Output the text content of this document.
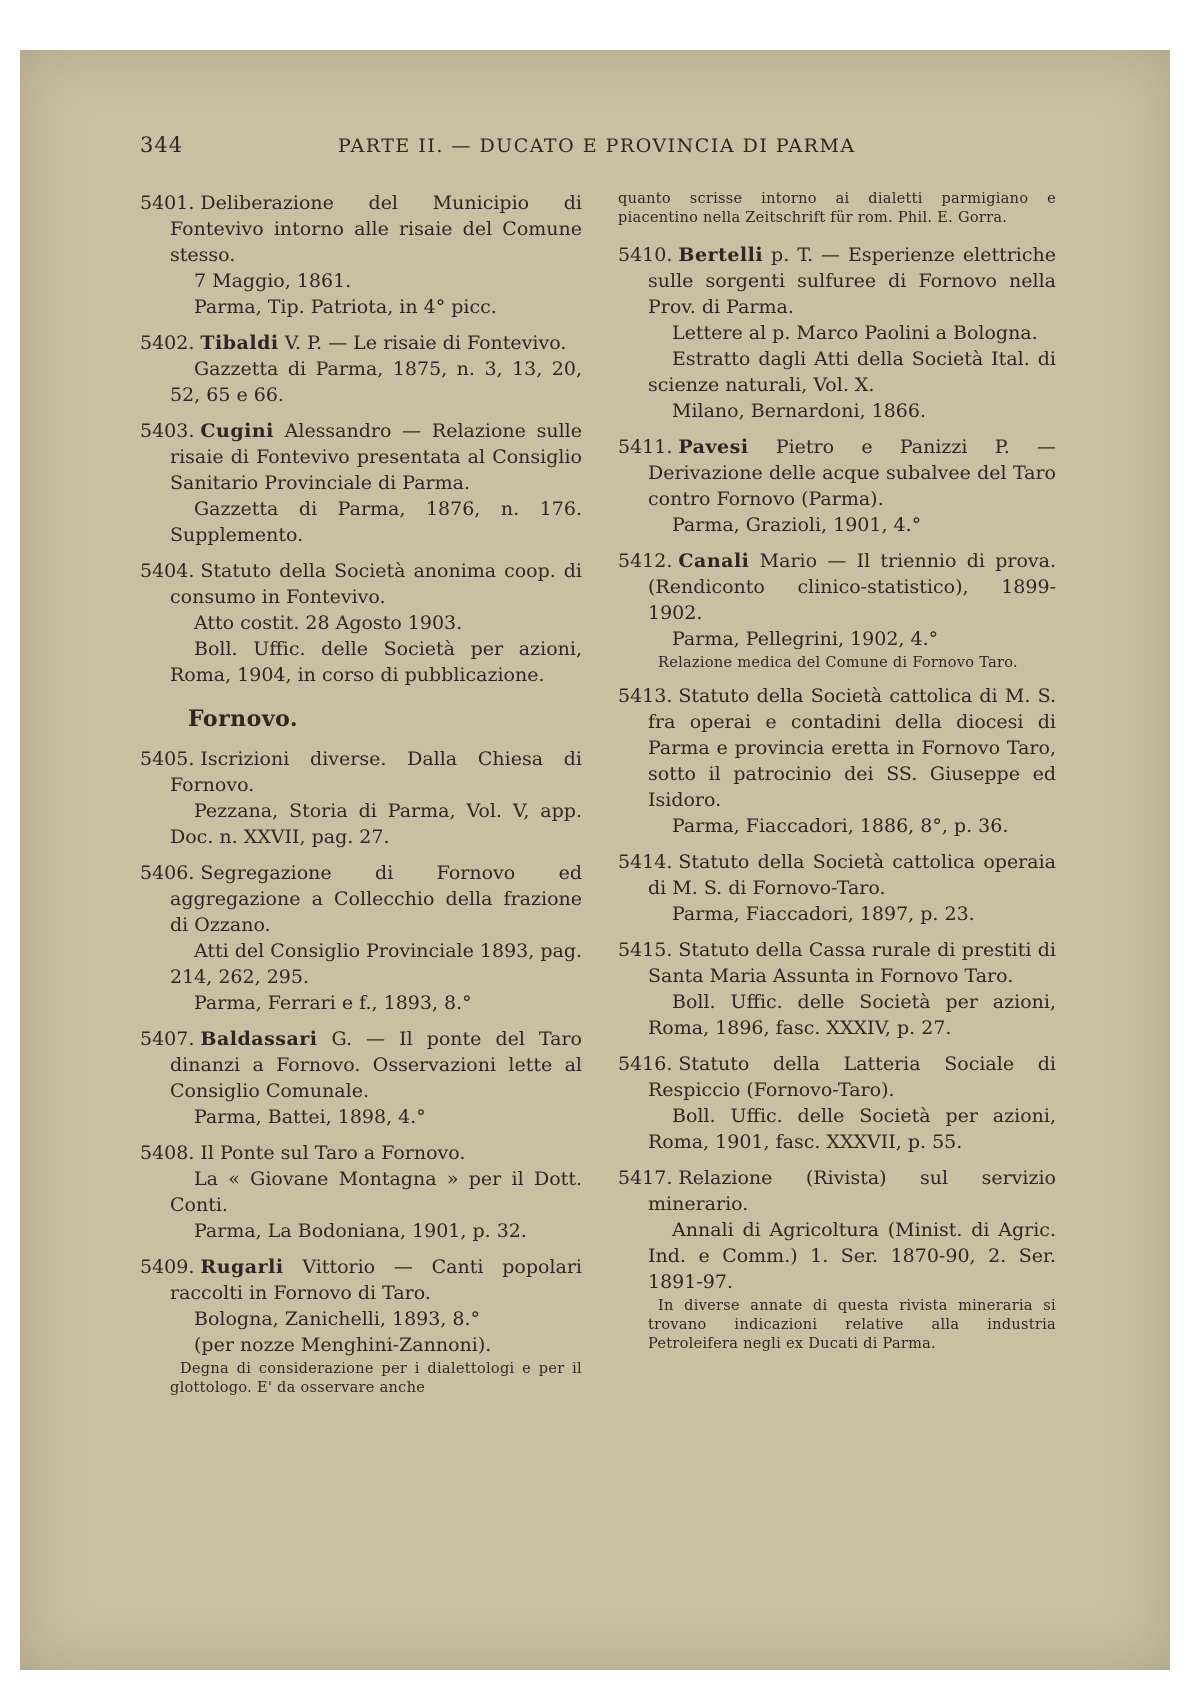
344	PARTE II. — DUCATO E PROVINCIA DI PARMA
5401. Deliberazione del Municipio di Fontevivo intorno alle risaie del Comune stesso.

7 Maggio, 1861.

Parma, Tip. Patriota, in 4° picc.

5402. Tibaldi V. P. — Le risaie di Fontevivo.

Gazzetta di Parma, 1875, n. 3, 13, 20, 52, 65 e 66.

5403. Cugini Alessandro — Relazione sulle risaie di Fontevivo presentata al Consiglio Sanitario Provinciale di Parma.

Gazzetta di Parma, 1876, n. 176. Supplemento.

5404. Statuto della Società anonima coop. di consumo in Fontevivo.

Atto costit. 28 Agosto 1903.

Boll. Uffic. delle Società per azioni, Roma, 1904, in corso di pubblicazione.

Fornovo.
5405. Iscrizioni diverse. Dalla Chiesa di Fornovo.

Pezzana, Storia di Parma, Vol. V, app. Doc. n. XXVII, pag. 27.

5406. Segregazione di Fornovo ed aggregazione a Collecchio della frazione di Ozzano.

Atti del Consiglio Provinciale 1893, pag. 214, 262, 295.

Parma, Ferrari e f., 1893, 8.°

5407. Baldassari G. — Il ponte del Taro dinanzi a Fornovo. Osservazioni lette al Consiglio Comunale.

Parma, Battei, 1898, 4.°

5408. Il Ponte sul Taro a Fornovo.

La « Giovane Montagna » per il Dott. Conti.

Parma, La Bodoniana, 1901, p. 32.

5409. Rugarli Vittorio — Canti popolari raccolti in Fornovo di Taro.

Bologna, Zanichelli, 1893, 8.°

(per nozze Menghini-Zannoni).

Degna di considerazione per i dialettologi e per il glottologo. E' da osservare anche
quanto scrisse intorno ai dialetti parmigiano e piacentino nella Zeitschrift für rom. Phil. E. Gorra.
5410. Bertelli p. T. — Esperienze elettriche sulle sorgenti sulfuree di Fornovo nella Prov. di Parma.

Lettere al p. Marco Paolini a Bologna.

Estratto dagli Atti della Società Ital. di scienze naturali, Vol. X.

Milano, Bernardoni, 1866.

5411. Pavesi Pietro e Panizzi P. — Derivazione delle acque subalvee del Taro contro Fornovo (Parma).

Parma, Grazioli, 1901, 4.°

5412. Canali Mario — Il triennio di prova. (Rendiconto clinico-statistico), 1899-1902.

Parma, Pellegrini, 1902, 4.°

Relazione medica del Comune di Fornovo Taro.
5413. Statuto della Società cattolica di M. S. fra operai e contadini della diocesi di Parma e provincia eretta in Fornovo Taro, sotto il patrocinio dei SS. Giuseppe ed Isidoro.

Parma, Fiaccadori, 1886, 8°, p. 36.

5414. Statuto della Società cattolica operaia di M. S. di Fornovo-Taro.

Parma, Fiaccadori, 1897, p. 23.

5415. Statuto della Cassa rurale di prestiti di Santa Maria Assunta in Fornovo Taro.

Boll. Uffic. delle Società per azioni, Roma, 1896, fasc. XXXIV, p. 27.

5416. Statuto della Latteria Sociale di Respiccio (Fornovo-Taro).

Boll. Uffic. delle Società per azioni, Roma, 1901, fasc. XXXVII, p. 55.

5417. Relazione (Rivista) sul servizio minerario.

Annali di Agricoltura (Minist. di Agric. Ind. e Comm.) 1. Ser. 1870-90, 2. Ser. 1891-97.

In diverse annate di questa rivista mineraria si trovano indicazioni relative alla industria Petroleifera negli ex Ducati di Parma.
